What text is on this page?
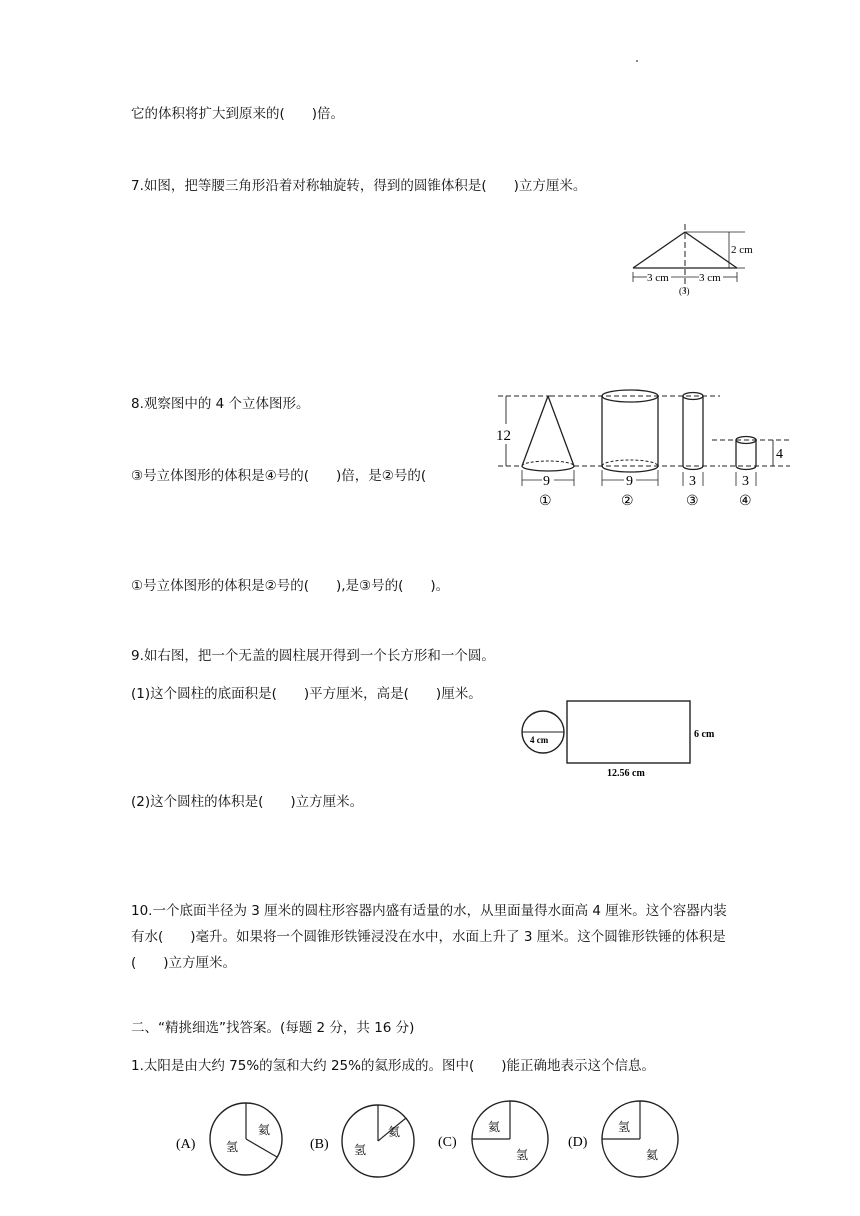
它的体积将扩大到原来的(　　)倍。
7.如图，把等腰三角形沿着对称轴旋转，得到的圆锥体积是(　　)立方厘米。
2 cm
3 cm	3 cm
(3)
8.观察图中的 4 个立体图形。
③号立体图形的体积是④号的(　　)倍，是②号的(
12
4
9	9	3	3
①	②	③	④
①号立体图形的体积是②号的(　　),是③号的(　　)。
9.如右图，把一个无盖的圆柱展开得到一个长方形和一个圆。
(1)这个圆柱的底面积是(　　)平方厘米，高是(　　)厘米。
4 cm	6 cm
12.56 cm
(2)这个圆柱的体积是(　　)立方厘米。
10.一个底面半径为 3 厘米的圆柱形容器内盛有适量的水，从里面量得水面高 4 厘米。这个容器内装有水(　　)毫升。如果将一个圆锥形铁锤浸没在水中，水面上升了 3 厘米。这个圆锥形铁锤的体积是(　　)立方厘米。
二、“精挑细选”找答案。(每题 2 分，共 16 分)
1.太阳是由大约 75%的氢和大约 25%的氦形成的。图中(　　)能正确地表示这个信息。
(A)
氦
氢	(B)
氦
氢	(C)
氦
氢
(D)
氢
氦
